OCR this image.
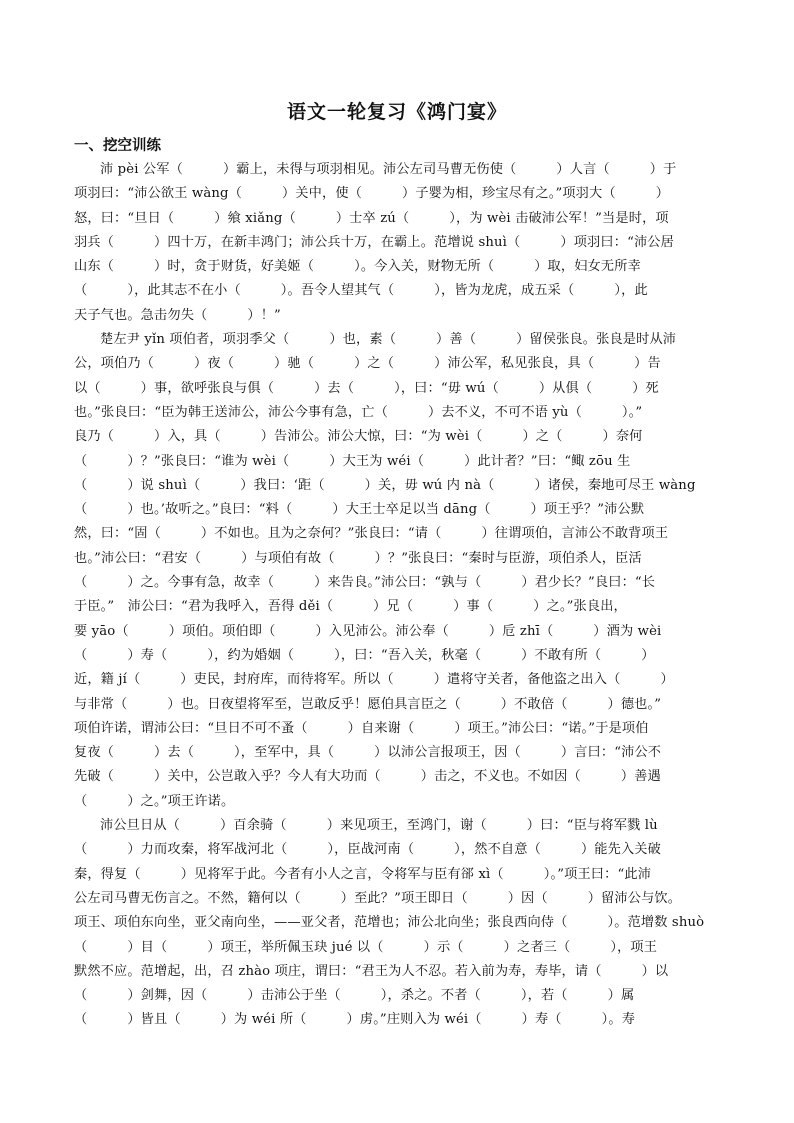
语文一轮复习《鸿门宴》
一、挖空训练
沛 pèi 公军（　　　）霸上，未得与项羽相见。沛公左司马曹无伤使（　　　）人言（　　　）于
项羽曰：“沛公欲王 wàng（　　　）关中，使（　　　）子婴为相，珍宝尽有之。”项羽大（　　　）
怒，曰：“旦日（　　　）飨 xiǎng（　　　）士卒 zú（　　　），为 wèi 击破沛公军！”当是时，项
羽兵（　　　）四十万，在新丰鸿门；沛公兵十万，在霸上。范增说 shuì（　　　）项羽曰：“沛公居
山东（　　　）时，贪于财货，好美姬（　　　）。今入关，财物无所（　　　）取，妇女无所幸
（　　　），此其志不在小（　　　）。吾令人望其气（　　　），皆为龙虎，成五采（　　　），此
天子气也。急击勿失（　　　）！”
楚左尹 yǐn 项伯者，项羽季父（　　　）也，素（　　　）善（　　　）留侯张良。张良是时从沛
公，项伯乃（　　　）夜（　　　）驰（　　　）之（　　　）沛公军，私见张良，具（　　　）告
以（　　　）事，欲呼张良与俱（　　　）去（　　　），曰：“毋 wú（　　　）从俱（　　　）死
也。”张良曰：“臣为韩王送沛公，沛公今事有急，亡（　　　）去不义，不可不语 yù（　　　）。”
良乃（　　　）入，具（　　　）告沛公。沛公大惊，曰：“为 wèi（　　　）之（　　　）奈何
（　　　）？”张良曰：“谁为 wèi（　　　）大王为 wéi（　　　）此计者？”曰：“鲰 zōu 生
（　　　）说 shuì（　　　）我曰：‘距（　　　）关，毋 wú 内 nà（　　　）诸侯，秦地可尽王 wàng
（　　　）也。’故听之。”良曰：“料（　　　）大王士卒足以当 dāng（　　　）项王乎？”沛公默
然，曰：“固（　　　）不如也。且为之奈何？”张良曰：“请（　　　）往谓项伯，言沛公不敢背项王
也。”沛公曰：“君安（　　　）与项伯有故（　　　）？”张良曰：“秦时与臣游，项伯杀人，臣活
（　　　）之。今事有急，故幸（　　　）来告良。”沛公曰：“孰与（　　　）君少长？”良曰：“长
于臣。”　沛公曰：“君为我呼入，吾得 děi（　　　）兄（　　　）事（　　　）之。”张良出，
要 yāo（　　　）项伯。项伯即（　　　）入见沛公。沛公奉（　　　）卮 zhī（　　　）酒为 wèi
（　　　）寿（　　　），约为婚姻（　　　），曰：“吾入关，秋毫（　　　）不敢有所（　　　）
近，籍 jí（　　　）吏民，封府库，而待将军。所以（　　　）遣将守关者，备他盗之出入（　　　）
与非常（　　　）也。日夜望将军至，岂敢反乎！愿伯具言臣之（　　　）不敢倍（　　　）德也。”
项伯许诺，谓沛公曰：“旦日不可不蚤（　　　）自来谢（　　　）项王。”沛公曰：“诺。”于是项伯
复夜（　　　）去（　　　），至军中，具（　　　）以沛公言报项王，因（　　　）言曰：“沛公不
先破（　　　）关中，公岂敢入乎？今人有大功而（　　　）击之，不义也。不如因（　　　）善遇
（　　　）之。”项王许诺。
沛公旦日从（　　　）百余骑（　　　）来见项王，至鸿门，谢（　　　）曰：“臣与将军戮 lù
（　　　）力而攻秦，将军战河北（　　　），臣战河南（　　　），然不自意（　　　）能先入关破
秦，得复（　　　）见将军于此。今者有小人之言，令将军与臣有郤 xì（　　　）。”项王曰：“此沛
公左司马曹无伤言之。不然，籍何以（　　　）至此？”项王即日（　　　）因（　　　）留沛公与饮。
项王、项伯东向坐，亚父南向坐，——亚父者，范增也；沛公北向坐；张良西向侍（　　　）。范增数 shuò
（　　　）目（　　　）项王，举所佩玉玦 jué 以（　　　）示（　　　）之者三（　　　），项王
默然不应。范增起，出，召 zhào 项庄，谓曰：“君王为人不忍。若入前为寿，寿毕，请（　　　）以
（　　　）剑舞，因（　　　）击沛公于坐（　　　），杀之。不者（　　　），若（　　　）属
（　　　）皆且（　　　）为 wéi 所（　　　）虏。”庄则入为 wéi（　　　）寿（　　　）。寿
